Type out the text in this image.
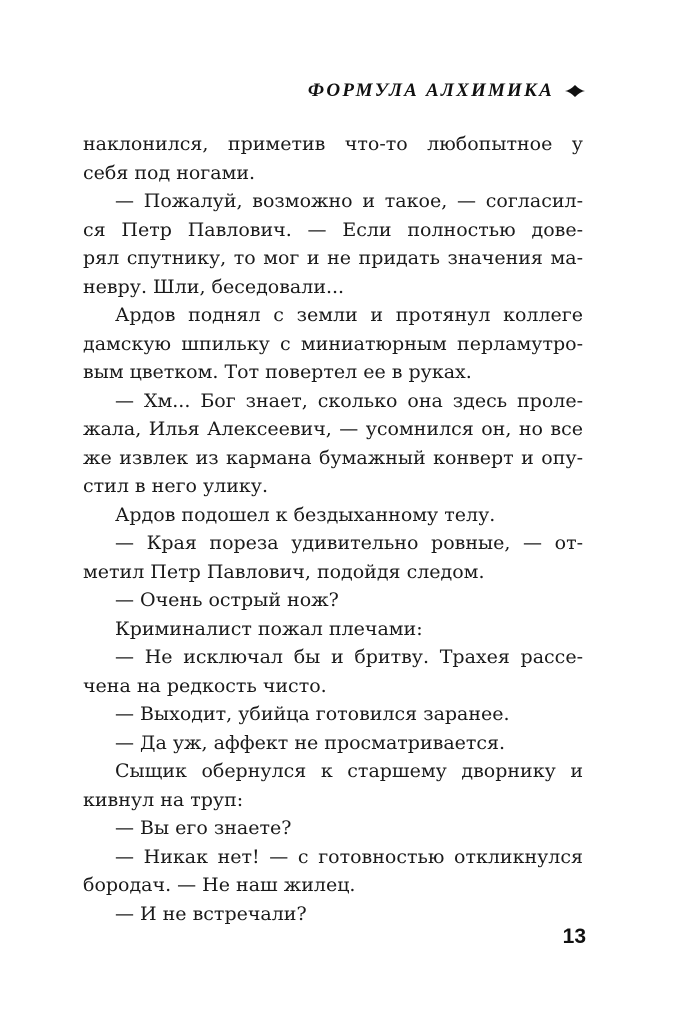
ФОРМУЛА АЛХИМИКА
наклонился, приметив что-то любопытное у
себя под ногами.
— Пожалуй, возможно и такое, — согласил-
ся Петр Павлович. — Если полностью дове-
рял спутнику, то мог и не придать значения ма-
невру. Шли, беседовали...
Ардов поднял с земли и протянул коллеге
дамскую шпильку с миниатюрным перламутро-
вым цветком. Тот повертел ее в руках.
— Хм... Бог знает, сколько она здесь проле-
жала, Илья Алексеевич, — усомнился он, но все
же извлек из кармана бумажный конверт и опу-
стил в него улику.
Ардов подошел к бездыханному телу.
— Края пореза удивительно ровные, — от-
метил Петр Павлович, подойдя следом.
— Очень острый нож?
Криминалист пожал плечами:
— Не исключал бы и бритву. Трахея рассе-
чена на редкость чисто.
— Выходит, убийца готовился заранее.
— Да уж, аффект не просматривается.
Сыщик обернулся к старшему дворнику и
кивнул на труп:
— Вы его знаете?
— Никак нет! — с готовностью откликнулся
бородач. — Не наш жилец.
— И не встречали?
13
